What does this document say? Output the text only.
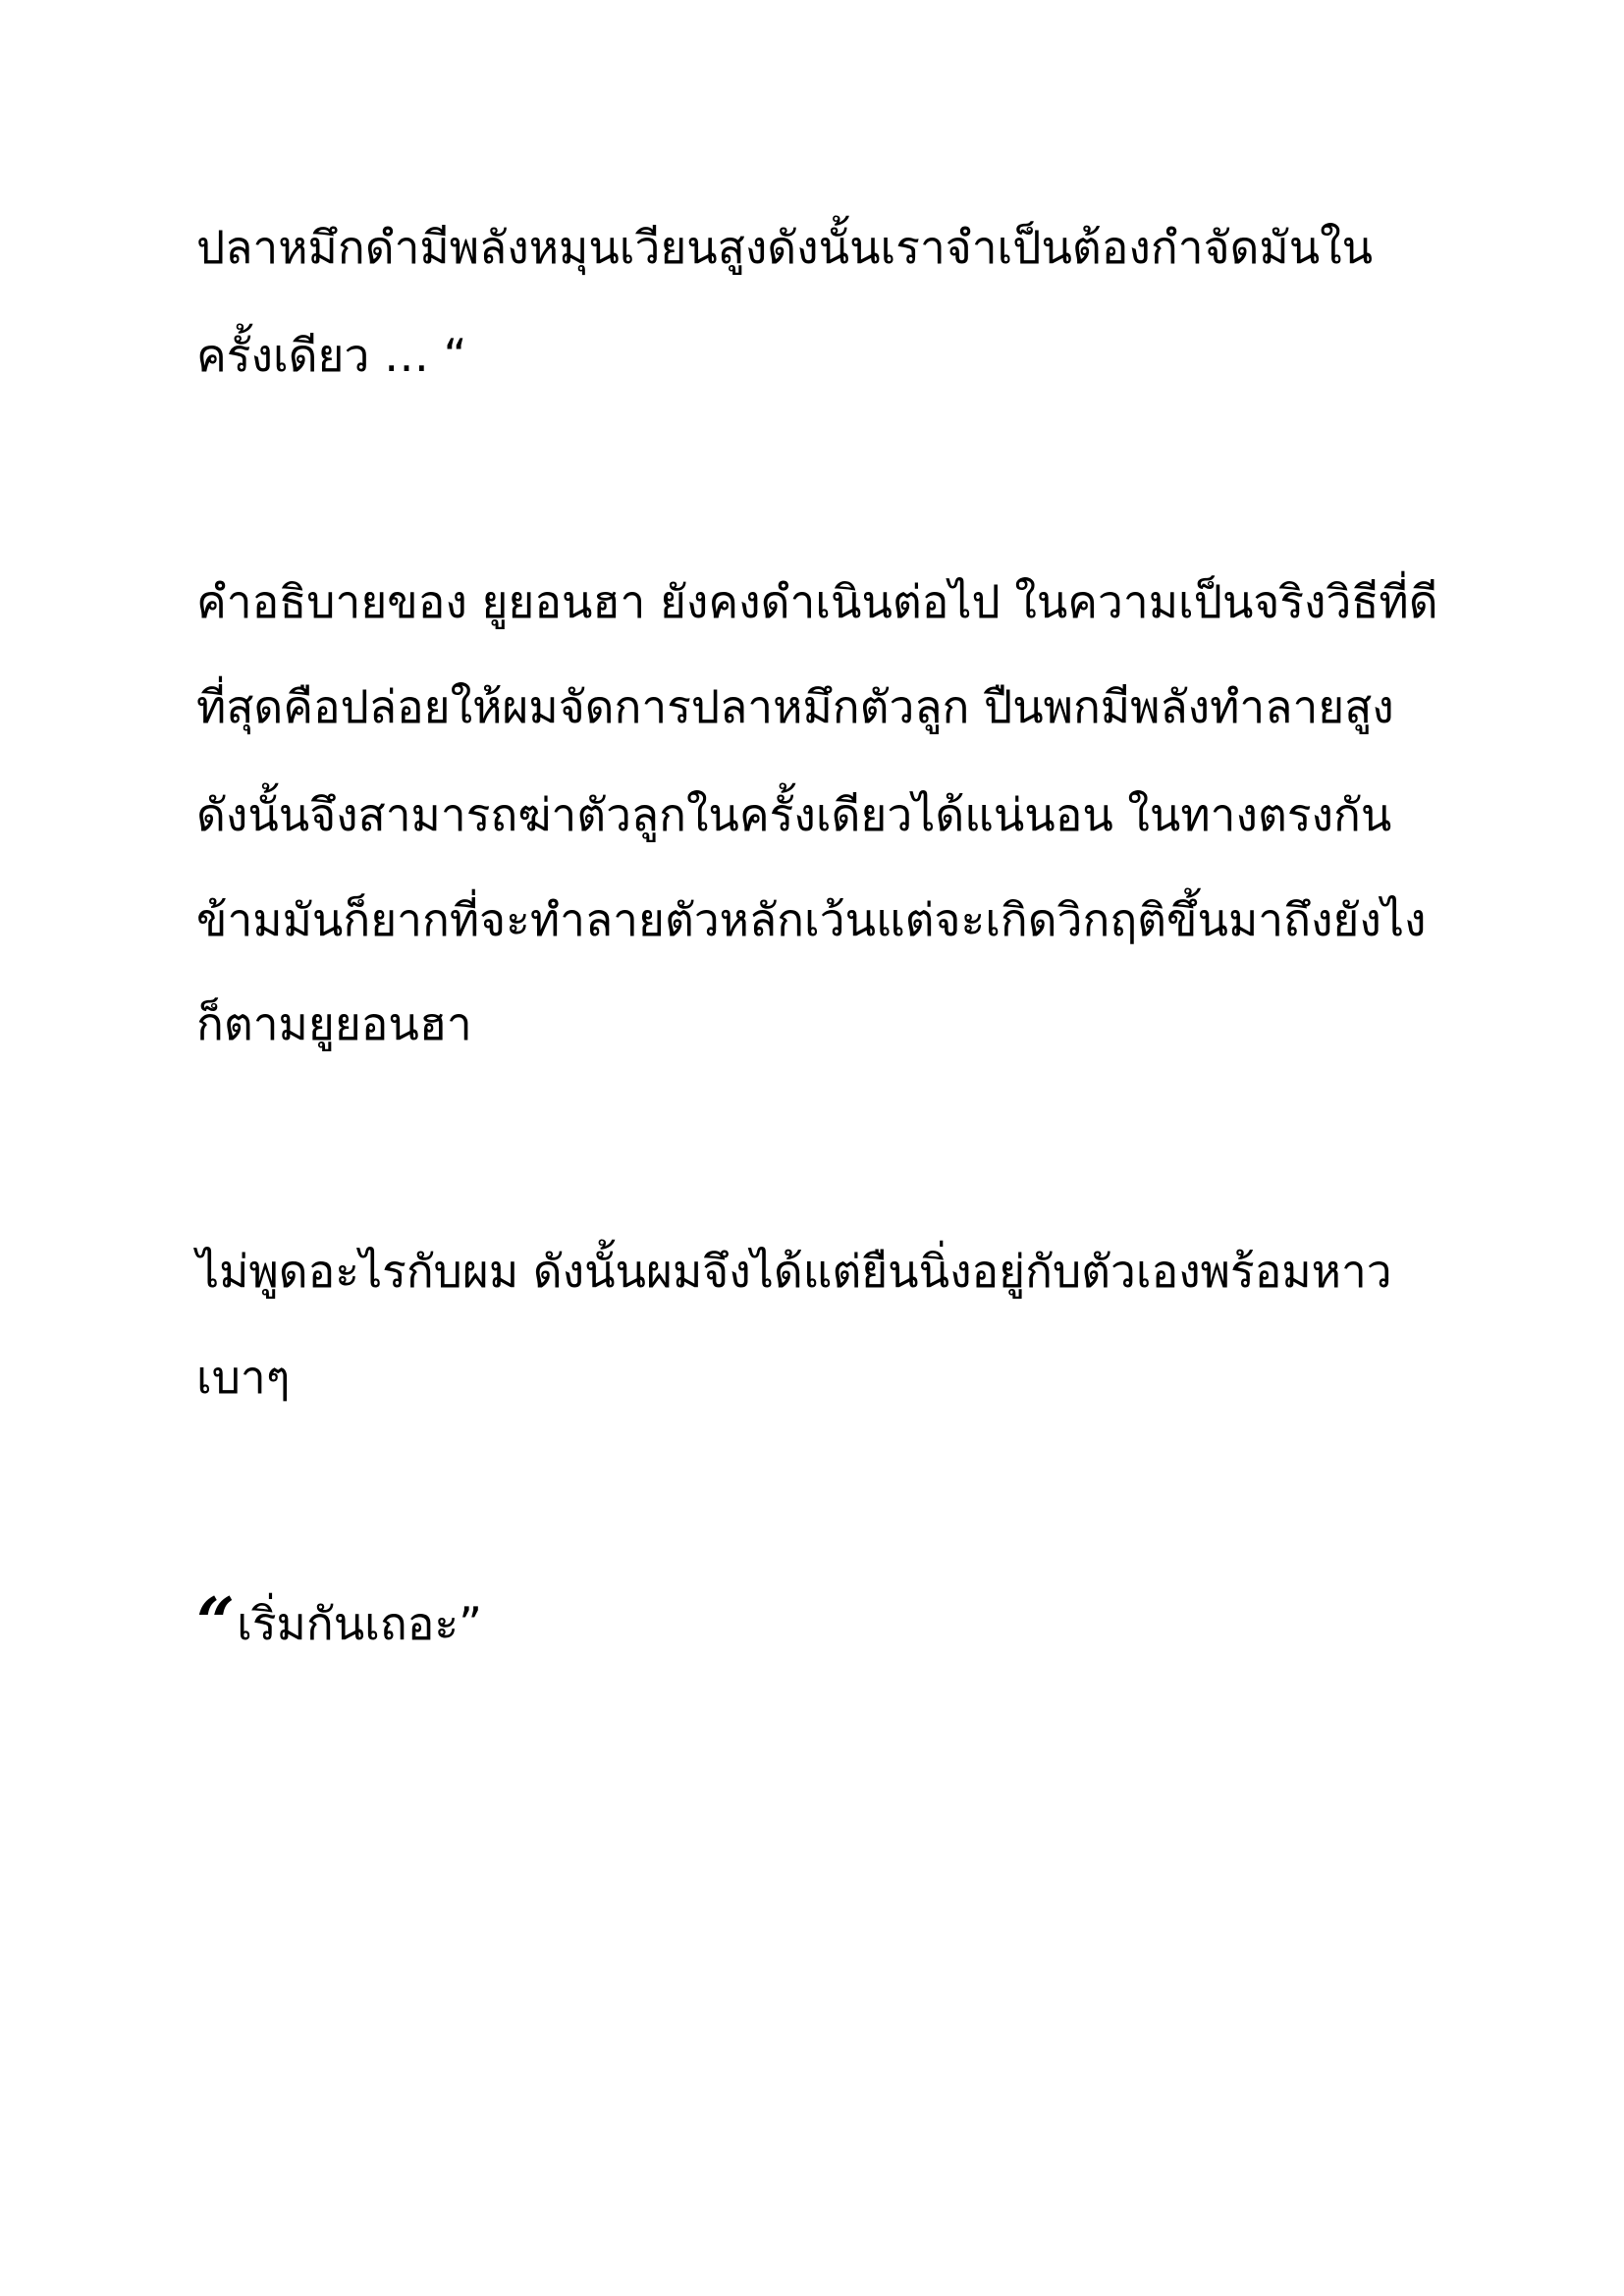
ปลาหมึกดำมีพลังหมุนเวียนสูงดังนั้นเราจำเป็นต้องกำจัดมันใน
ครั้งเดียว … “
คำอธิบายของ ยูยอนฮา ยังคงดำเนินต่อไป ในความเป็นจริงวิธีที่ดี
ที่สุดคือปล่อยให้ผมจัดการปลาหมึกตัวลูก ปืนพกมีพลังทำลายสูง
ดังนั้นจึงสามารถฆ่าตัวลูกในครั้งเดียวได้แน่นอน ในทางตรงกัน
ข้ามมันก็ยากที่จะทำลายตัวหลักเว้นแต่จะเกิดวิกฤติขึ้นมาถึงยังไง
ก็ตามยูยอนฮา
ไม่พูดอะไรกับผม ดังนั้นผมจึงได้แต่ยืนนิ่งอยู่กับตัวเองพร้อมหาว
เบาๆ
“เริ่มกันเถอะ”
